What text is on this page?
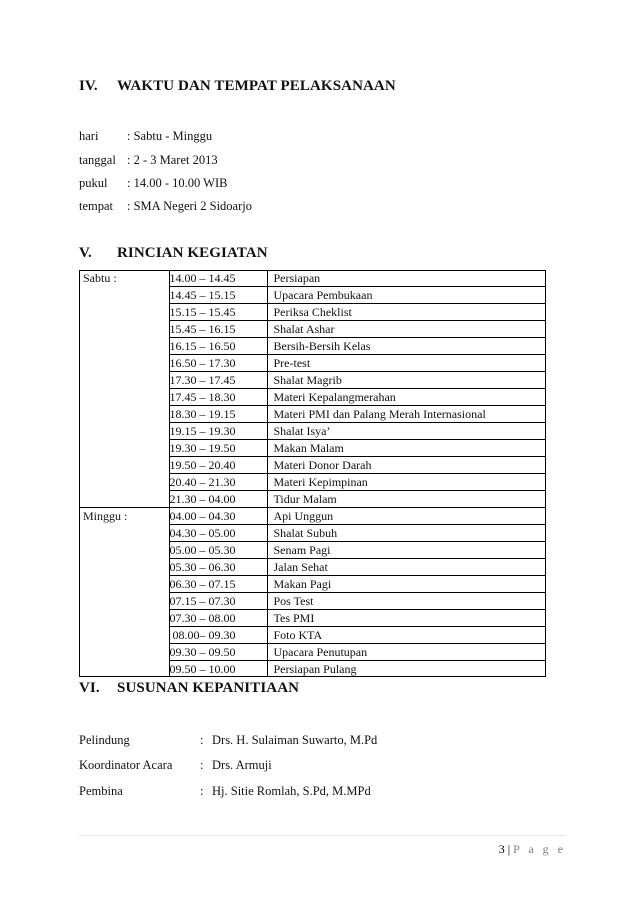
IV. WAKTU DAN TEMPAT PELAKSANAAN
hari : Sabtu - Minggu
tanggal : 2 - 3 Maret 2013
pukul : 14.00 - 10.00 WIB
tempat : SMA Negeri 2 Sidoarjo
V. RINCIAN KEGIATAN
Sabtu :	14.00 – 14.45	Persiapan
	14.45 – 15.15	Upacara Pembukaan
	15.15 – 15.45	Periksa Cheklist
	15.45 – 16.15	Shalat Ashar
	16.15 – 16.50	Bersih-Bersih Kelas
	16.50 – 17.30	Pre-test
	17.30 – 17.45	Shalat Magrib
	17.45 – 18.30	Materi Kepalangmerahan
	18.30 – 19.15	Materi PMI dan Palang Merah Internasional
	19.15 – 19.30	Shalat Isya’
	19.30 – 19.50	Makan Malam
	19.50 – 20.40	Materi Donor Darah
	20.40 – 21.30	Materi Kepimpinan
	21.30 – 04.00	Tidur Malam
Minggu :	04.00 – 04.30	Api Unggun
	04.30 – 05.00	Shalat Subuh
	05.00 – 05.30	Senam Pagi
	05.30 – 06.30	Jalan Sehat
	06.30 – 07.15	Makan Pagi
	07.15 – 07.30	Pos Test
	07.30 – 08.00	Tes PMI
	08.00– 09.30	Foto KTA
	09.30 – 09.50	Upacara Penutupan
	09.50 – 10.00	Persiapan Pulang
VI. SUSUNAN KEPANITIAAN
Pelindung	: Drs. H. Sulaiman Suwarto, M.Pd
Koordinator Acara : Drs. Armuji
Pembina	: Hj. Sitie Romlah, S.Pd, M.MPd
3 | P a g e
